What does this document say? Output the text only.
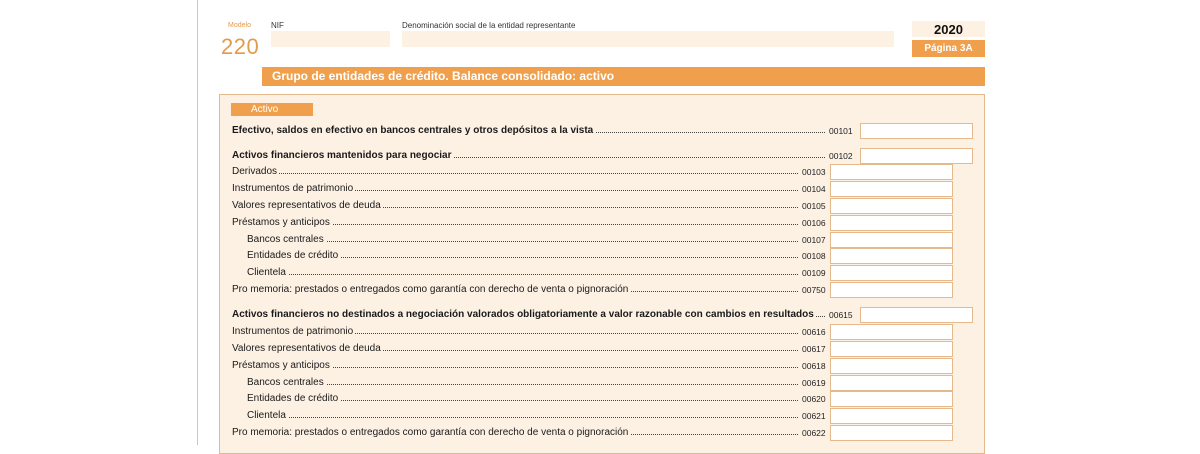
Modelo
220
NIF	Denominación social de la entidad representante	2020
Página 3A
Grupo de entidades de crédito. Balance consolidado: activo
Activo
Efectivo, saldos en efectivo en bancos centrales y otros depósitos a la vista	00101
Activos financieros mantenidos para negociar	00102
Derivados	00103
Instrumentos de patrimonio	00104
Valores representativos de deuda	00105
Préstamos y anticipos	00106
Bancos centrales	00107
Entidades de crédito	00108
Clientela	00109
Pro memoria: prestados o entregados como garantía con derecho de venta o pignoración	00750
Activos financieros no destinados a negociación valorados obligatoriamente a valor razonable con cambios en resultados	00615
Instrumentos de patrimonio	00616
Valores representativos de deuda	00617
Préstamos y anticipos	00618
Bancos centrales	00619
Entidades de crédito	00620
Clientela	00621
Pro memoria: prestados o entregados como garantía con derecho de venta o pignoración	00622
